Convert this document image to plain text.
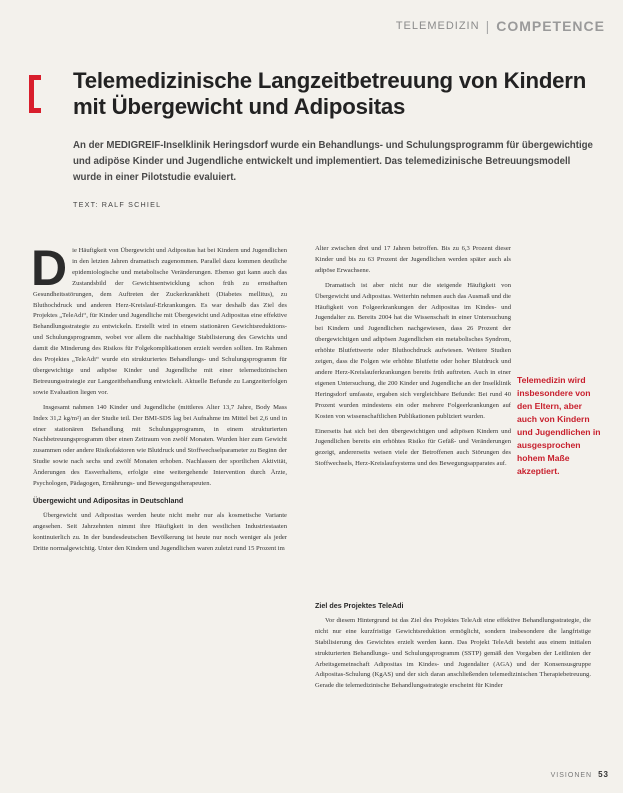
TELEMEDIZIN | COMPETENCE
Telemedizinische Langzeitbetreuung von Kindern mit Übergewicht und Adipositas
An der MEDIGREIF-Inselklinik Heringsdorf wurde ein Behandlungs- und Schulungsprogramm für übergewichtige und adipöse Kinder und Jugendliche entwickelt und implementiert. Das telemedizinische Betreuungsmodell wurde in einer Pilotstudie evaluiert.
TEXT: RALF SCHIEL

D ie Häufigkeit von Übergewicht und Adipositas hat bei Kindern und Jugendlichen in den letzten Jahren dramatisch zugenommen. Parallel dazu kommen deutliche epidemiologische und metabolische Veränderungen. Ebenso gut kann auch das Zustandsbild der Gewichtsentwicklung schon früh zu ernsthaften Gesundheitsstörungen, dem Auftreten der Zuckerkrankheit (Diabetes mellitus), zu Bluthochdruck und anderen Herz-Kreislauf-Erkrankungen. Es war deshalb das Ziel des Projektes „TeleAdi“, für Kinder und Jugendliche mit Übergewicht und Adipositas eine effektive Behandlungsstrategie zu entwickeln. Erstellt wird in einem stationären Gewichtsreduktions- und Schulungsprogramm, wobei vor allem die nachhaltige Stabilisierung des Gewichts und damit die Minderung des Risikos für Folgekomplikationen erzielt werden sollten. Im Rahmen des Projektes „TeleAdi“ wurde ein strukturiertes Behandlungs- und Schulungsprogramm für übergewichtige und adipöse Kinder und Jugendliche mit einer telemedizinischen Betreuungsstrategie zur Langzeitbehandlung entwickelt. Aktuelle Befunde zu Langzeiterfolgen sowie Evaluation liegen vor.

Insgesamt nahmen 140 Kinder und Jugendliche (mittleres Alter 13,7 Jahre, Body Mass Index 31,2 kg/m²) an der Studie teil. Der BMI-SDS lag bei Aufnahme im Mittel bei 2,6 und in einer stationären Behandlung mit Schulungsprogramm, in einem strukturierten Nachbetreuungsprogramm über einen Zeitraum von zwölf Monaten. Wurden hier zum Gewicht zusammen oder andere Risikofaktoren wie Blutdruck und Stoffwechselparameter zu Beginn der Studie sowie nach sechs und zwölf Monaten erhoben. Nachlassen der sportlichen Aktivität, Änderungen des Essverhaltens, erfolgte eine weitergehende Intervention durch Ärzte, Psychologen, Pädagogen, Ernährungs- und Bewegungstherapeuten.

Übergewicht und Adipositas in Deutschland

Übergewicht und Adipositas werden heute nicht mehr nur als kosmetische Variante angesehen. Seit Jahrzehnten nimmt ihre Häufigkeit in den westlichen Industriestaaten kontinuierlich zu. In der bundesdeutschen Bevölkerung ist heute nur noch weniger als jeder Dritte normalgewichtig. Unter den Kindern und Jugendlichen waren zuletzt rund 15 Prozent im

Alter zwischen drei und 17 Jahren betroffen. Bis zu 6,3 Prozent dieser Kinder und bis zu 63 Prozent der Jugendlichen werden später auch als adipöse Erwachsene.

Dramatisch ist aber nicht nur die steigende Häufigkeit von Übergewicht und Adipositas. Weiterhin nehmen auch das Ausmaß und die Häufigkeit von Folgeerkrankungen der Adipositas im Kindes- und Jugendalter zu. Bereits 2004 hat die Wissenschaft in einer Untersuchung bei Kindern und Jugendlichen nachgewiesen, dass 26 Prozent der übergewichtigen und adipösen Jugendlichen ein metabolisches Syndrom, erhöhte Blutfettwerte oder Bluthochdruck aufwiesen. Weitere Studien zeigen, dass die Folgen wie erhöhte Blutfette oder hoher Blutdruck und andere Herz-Kreislauferkrankungen bereits früh auftreten. Auch in einer eigenen Untersuchung, die 200 Kinder und Jugendliche an der Inselklinik Heringsdorf umfasste, ergaben sich vergleichbare Befunde: Bei rund 40 Prozent wurden mindestens ein oder mehrere Folgeerkrankungen auf Kosten von wissenschaftlichen Publikationen publiziert wurden.

Einerseits hat sich bei den übergewichtigen und adipösen Kindern und Jugendlichen bereits ein erhöhtes Risiko für Gefäß- und Veränderungen gezeigt, andererseits weisen viele der Betroffenen auch Störungen des Stoffwechsels, Herz-Kreislaufsystems und des Bewegungsapparates auf.

Ziel des Projektes TeleAdi

Vor diesem Hintergrund ist das Ziel des Projektes TeleAdi eine effektive Behandlungsstrategie, die nicht nur eine kurzfristige Gewichtsreduktion ermöglicht, sondern insbesondere die langfristige Stabilisierung des Gewichtes erzielt werden kann. Das Projekt TeleAdi besteht aus einem initialen strukturierten Behandlungs- und Schulungsprogramm (SSTP) gemäß den Vorgaben der Leitlinien der Arbeitsgemeinschaft Adipositas im Kindes- und Jugendalter (AGA) und der Konsensusgruppe Adipositas-Schulung (KgAS) und der sich daran anschließenden telemedizinischen Therapiebetreuung. Gerade die telemedizinische Behandlungsstrategie erscheint für Kinder

Telemedizin wird insbesondere von den Eltern, aber auch von Kindern und Jugendlichen in ausgesprochen hohem Maße akzeptiert.
VISIONEN 53
